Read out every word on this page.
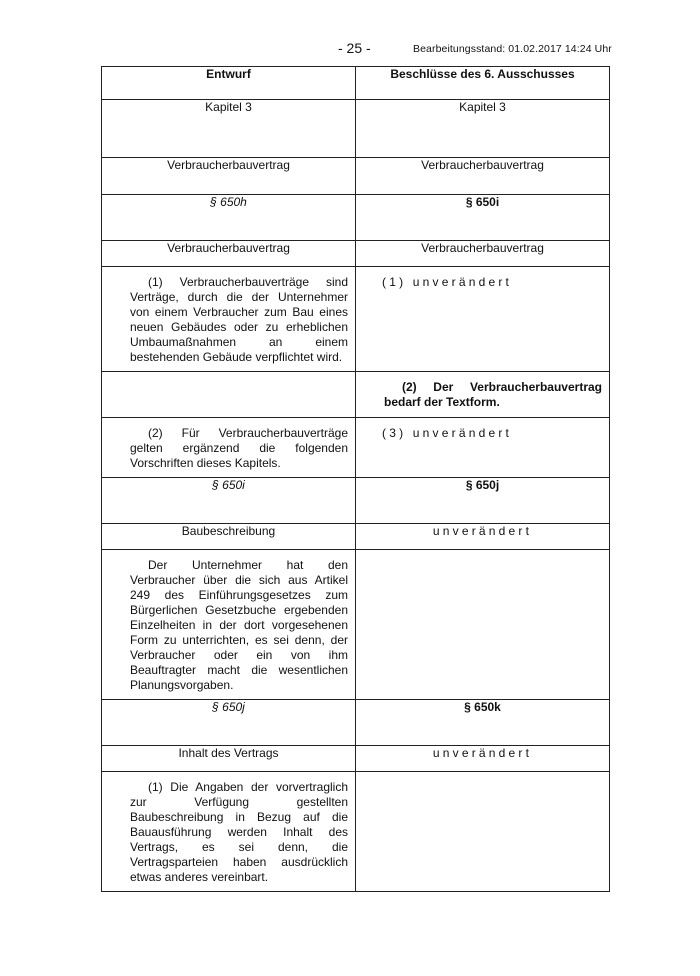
- 25 -	Bearbeitungsstand: 01.02.2017 14:24 Uhr
Entwurf	Beschlüsse des 6. Ausschusses
Kapitel 3	Kapitel 3
Verbraucherbauvertrag	Verbraucherbauvertrag
§ 650h	§ 650i
Verbraucherbauvertrag	Verbraucherbauvertrag
(1) Verbraucherbauverträge sind Verträge, durch die der Unternehmer von einem Verbraucher zum Bau eines neuen Gebäudes oder zu erheblichen Umbaumaßnahmen an einem bestehenden Gebäude verpflichtet wird.	(1) unverändert
	(2) Der Verbraucherbauvertrag bedarf der Textform.
(2) Für Verbraucherbauverträge gelten ergänzend die folgenden Vorschriften dieses Kapitels.	(3) unverändert
§ 650i	§ 650j
Baubeschreibung	unverändert
Der Unternehmer hat den Verbraucher über die sich aus Artikel 249 des Einführungsgesetzes zum Bürgerlichen Gesetzbuche ergebenden Einzelheiten in der dort vorgesehenen Form zu unterrichten, es sei denn, der Verbraucher oder ein von ihm Beauftragter macht die wesentlichen Planungsvorgaben.	
§ 650j	§ 650k
Inhalt des Vertrags	unverändert
(1) Die Angaben der vorvertraglich zur Verfügung gestellten Baubeschreibung in Bezug auf die Bauausführung werden Inhalt des Vertrags, es sei denn, die Vertragsparteien haben ausdrücklich etwas anderes vereinbart.	
